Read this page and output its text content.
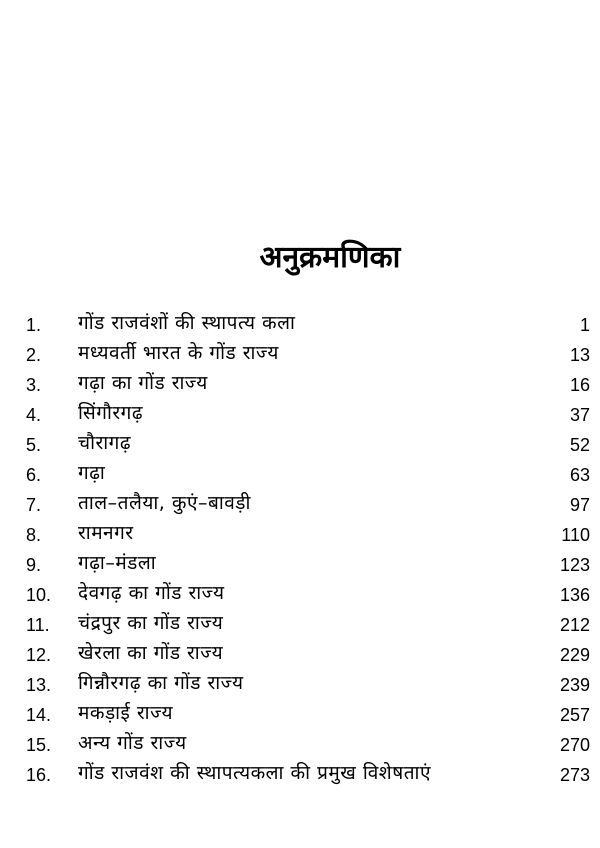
अनुक्रमणिका
1. गोंड राजवंशों की स्थापत्य कला	1
2. मध्यवर्ती भारत के गोंड राज्य	13
3. गढ़ा का गोंड राज्य	16
4. सिंगौरगढ़	37
5. चौरागढ़	52
6. गढ़ा	63
7. ताल–तलैया, कुएं–बावड़ी	97
8. रामनगर	110
9. गढ़ा–मंडला	123
10. देवगढ़ का गोंड राज्य	136
11. चंद्रपुर का गोंड राज्य	212
12. खेरला का गोंड राज्य	229
13. गिन्नौरगढ़ का गोंड राज्य	239
14. मकड़ाई राज्य	257
15. अन्य गोंड राज्य	270
16. गोंड राजवंश की स्थापत्यकला की प्रमुख विशेषताएं	273
